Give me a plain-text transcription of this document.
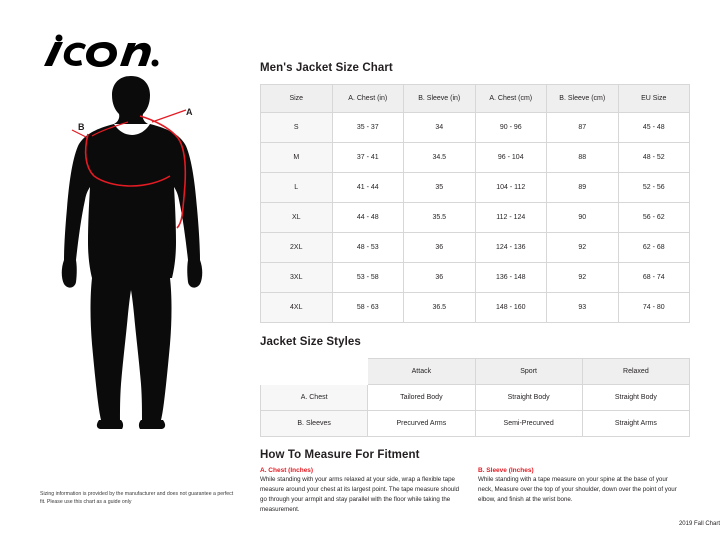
A
B
Sizing information is provided by the manufacturer and does not guarantee a perfect fit. Please use this chart as a guide only
Men's Jacket Size Chart
Size	A. Chest (in)	B. Sleeve (in)	A. Chest (cm)	B. Sleeve (cm)	EU Size
S	35 - 37	34	90 - 96	87	45 - 48
M	37 - 41	34.5	96 - 104	88	48 - 52
L	41 - 44	35	104 - 112	89	52 - 56
XL	44 - 48	35.5	112 - 124	90	56 - 62
2XL	48 - 53	36	124 - 136	92	62 - 68
3XL	53 - 58	36	136 - 148	92	68 - 74
4XL	58 - 63	36.5	148 - 160	93	74 - 80
Jacket Size Styles
	Attack	Sport	Relaxed
A. Chest	Tailored Body	Straight Body	Straight Body
B. Sleeves	Precurved Arms	Semi-Precurved	Straight Arms
How To Measure For Fitment
A. Chest (Inches)
While standing with your arms relaxed at your side, wrap a flexible tape measure around your chest at its largest point. The tape measure should go through your armpit and stay parallel with the floor while taking the measurement.
B. Sleeve (Inches)
While standing with a tape measure on your spine at the base of your neck, Measure over the top of your shoulder, down over the point of your elbow, and finish at the wrist bone.
2019 Fall Chart
